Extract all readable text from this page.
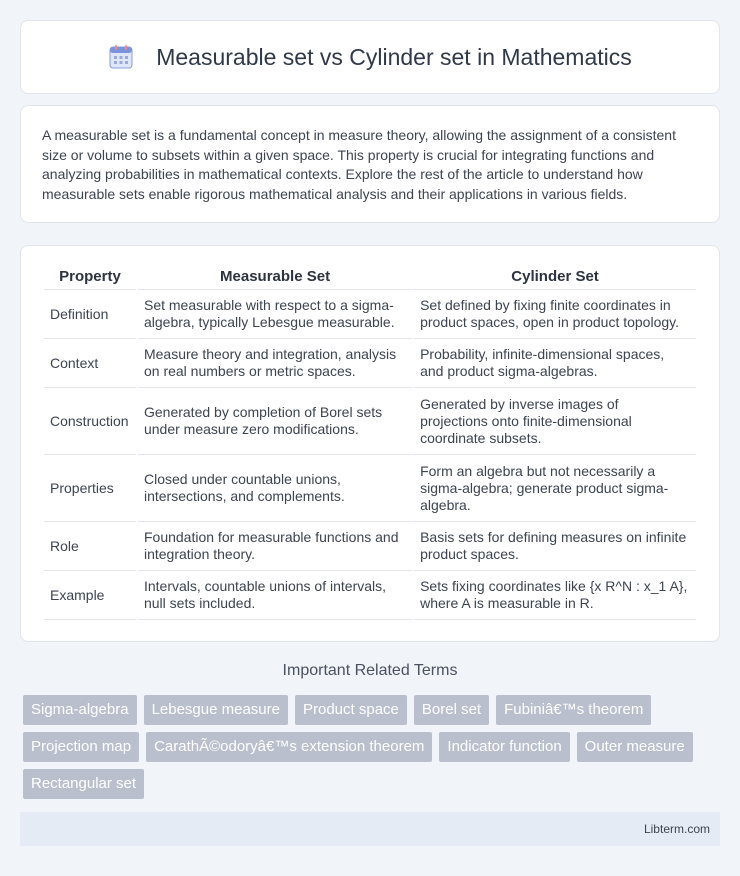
Measurable set vs Cylinder set in Mathematics

A measurable set is a fundamental concept in measure theory, allowing the assignment of a consistent size or volume to subsets within a given space. This property is crucial for integrating functions and analyzing probabilities in mathematical contexts. Explore the rest of the article to understand how measurable sets enable rigorous mathematical analysis and their applications in various fields.

Property	Measurable Set	Cylinder Set
Definition	Set measurable with respect to a sigma-algebra, typically Lebesgue measurable.	Set defined by fixing finite coordinates in product spaces, open in product topology.
Context	Measure theory and integration, analysis on real numbers or metric spaces.	Probability, infinite-dimensional spaces, and product sigma-algebras.
Construction	Generated by completion of Borel sets under measure zero modifications.	Generated by inverse images of projections onto finite-dimensional coordinate subsets.
Properties	Closed under countable unions, intersections, and complements.	Form an algebra but not necessarily a sigma-algebra; generate product sigma-algebra.
Role	Foundation for measurable functions and integration theory.	Basis sets for defining measures on infinite product spaces.
Example	Intervals, countable unions of intervals, null sets included.	Sets fixing coordinates like {x R^N : x_1 A}, where A is measurable in R.
Important Related Terms
Sigma-algebra	Lebesgue measure	Product space	Borel set	Fubiniâ€™s theorem
Projection map	CarathÃ©odoryâ€™s extension theorem	Indicator function	Outer measure
Rectangular set
Libterm.com
